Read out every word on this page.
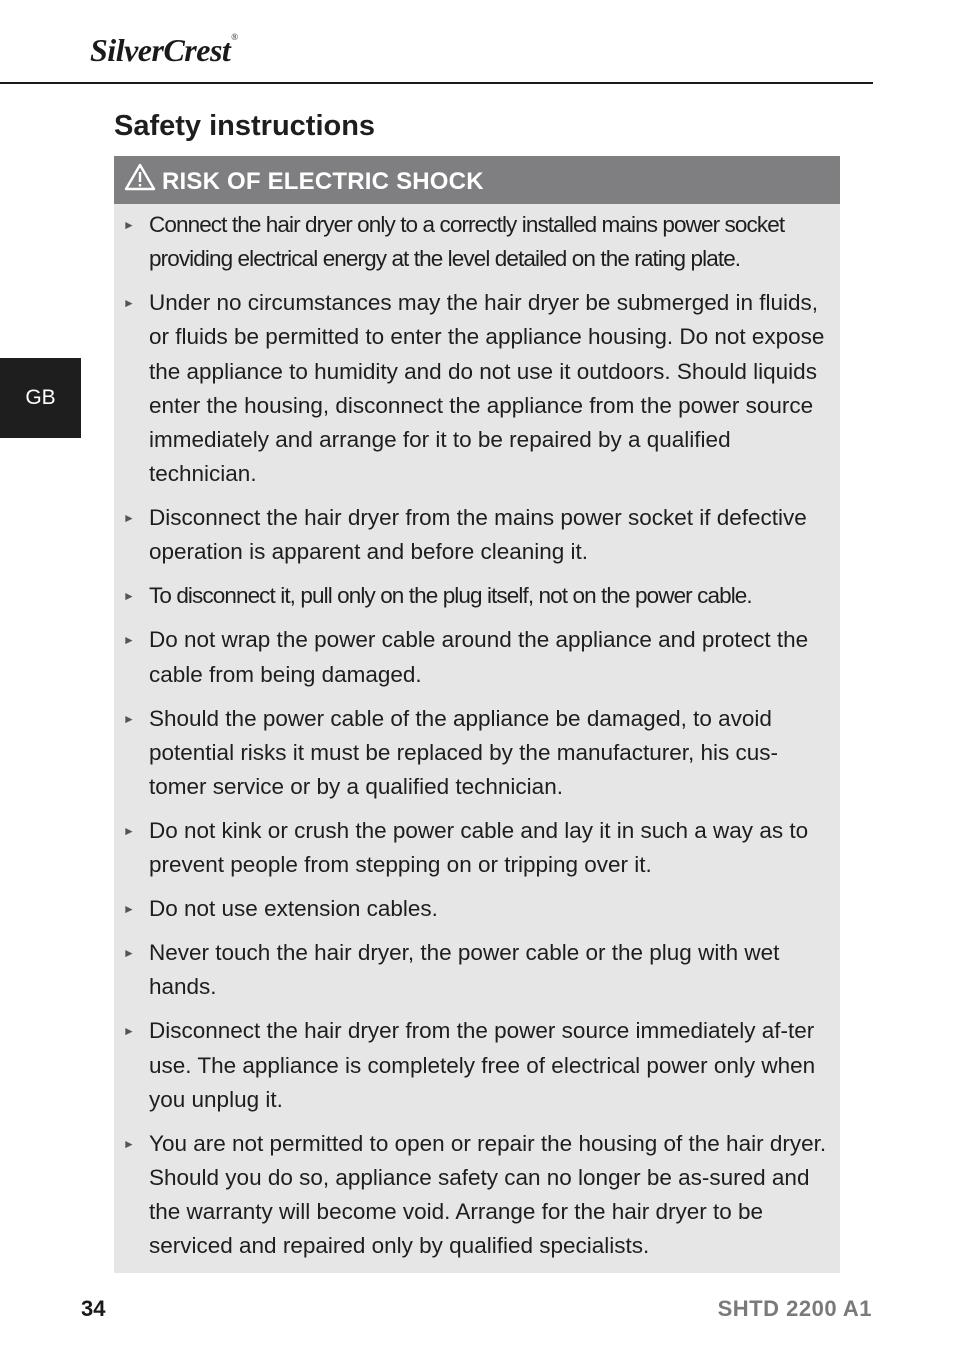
SilverCrest®
Safety instructions
GB
RISK OF ELECTRIC SHOCK
► Connect the hair dryer only to a correctly installed mains power socket providing electrical energy at the level detailed on the rating plate.
► Under no circumstances may the hair dryer be submerged in fluids, or fluids be permitted to enter the appliance housing. Do not expose the appliance to humidity and do not use it outdoors. Should liquids enter the housing, disconnect the appliance from the power source immediately and arrange for it to be repaired by a qualified technician.
► Disconnect the hair dryer from the mains power socket if defective operation is apparent and before cleaning it.
► To disconnect it, pull only on the plug itself, not on the power cable.
► Do not wrap the power cable around the appliance and protect the cable from being damaged.
► Should the power cable of the appliance be damaged, to avoid potential risks it must be replaced by the manufacturer, his cus-tomer service or by a qualified technician.
► Do not kink or crush the power cable and lay it in such a way as to prevent people from stepping on or tripping over it.
► Do not use extension cables.
► Never touch the hair dryer, the power cable or the plug with wet hands.
► Disconnect the hair dryer from the power source immediately af-ter use. The appliance is completely free of electrical power only when you unplug it.
► You are not permitted to open or repair the housing of the hair dryer. Should you do so, appliance safety can no longer be as-sured and the warranty will become void. Arrange for the hair dryer to be serviced and repaired only by qualified specialists.
34	SHTD 2200 A1
